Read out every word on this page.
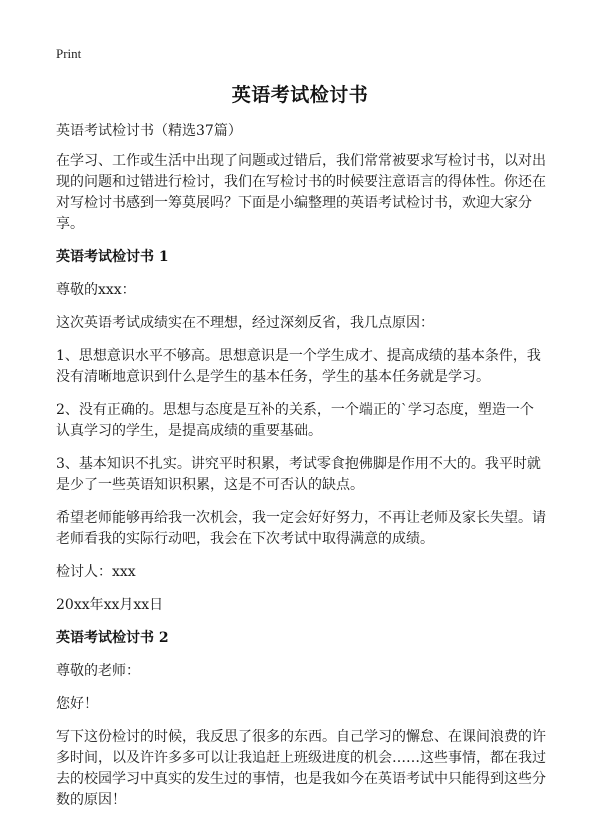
Print
英语考试检讨书

英语考试检讨书（精选37篇）

在学习、工作或生活中出现了问题或过错后，我们常常被要求写检讨书，以对出现的问题和过错进行检讨，我们在写检讨书的时候要注意语言的得体性。你还在对写检讨书感到一筹莫展吗？下面是小编整理的英语考试检讨书，欢迎大家分享。

英语考试检讨书 1

尊敬的xxx：

这次英语考试成绩实在不理想，经过深刻反省，我几点原因：

1、思想意识水平不够高。思想意识是一个学生成才、提高成绩的基本条件，我没有清晰地意识到什么是学生的基本任务，学生的基本任务就是学习。

2、没有正确的。思想与态度是互补的关系，一个端正的`学习态度，塑造一个认真学习的学生，是提高成绩的重要基础。

3、基本知识不扎实。讲究平时积累，考试零食抱佛脚是作用不大的。我平时就是少了一些英语知识积累，这是不可否认的缺点。

希望老师能够再给我一次机会，我一定会好好努力，不再让老师及家长失望。请老师看我的实际行动吧，我会在下次考试中取得满意的成绩。

检讨人：xxx

20xx年xx月xx日

英语考试检讨书 2

尊敬的老师：

您好！

写下这份检讨的时候，我反思了很多的东西。自己学习的懈怠、在课间浪费的许多时间，以及许许多多可以让我追赶上班级进度的机会……这些事情，都在我过去的校园学习中真实的发生过的事情，也是我如今在英语考试中只能得到这些分数的原因！
